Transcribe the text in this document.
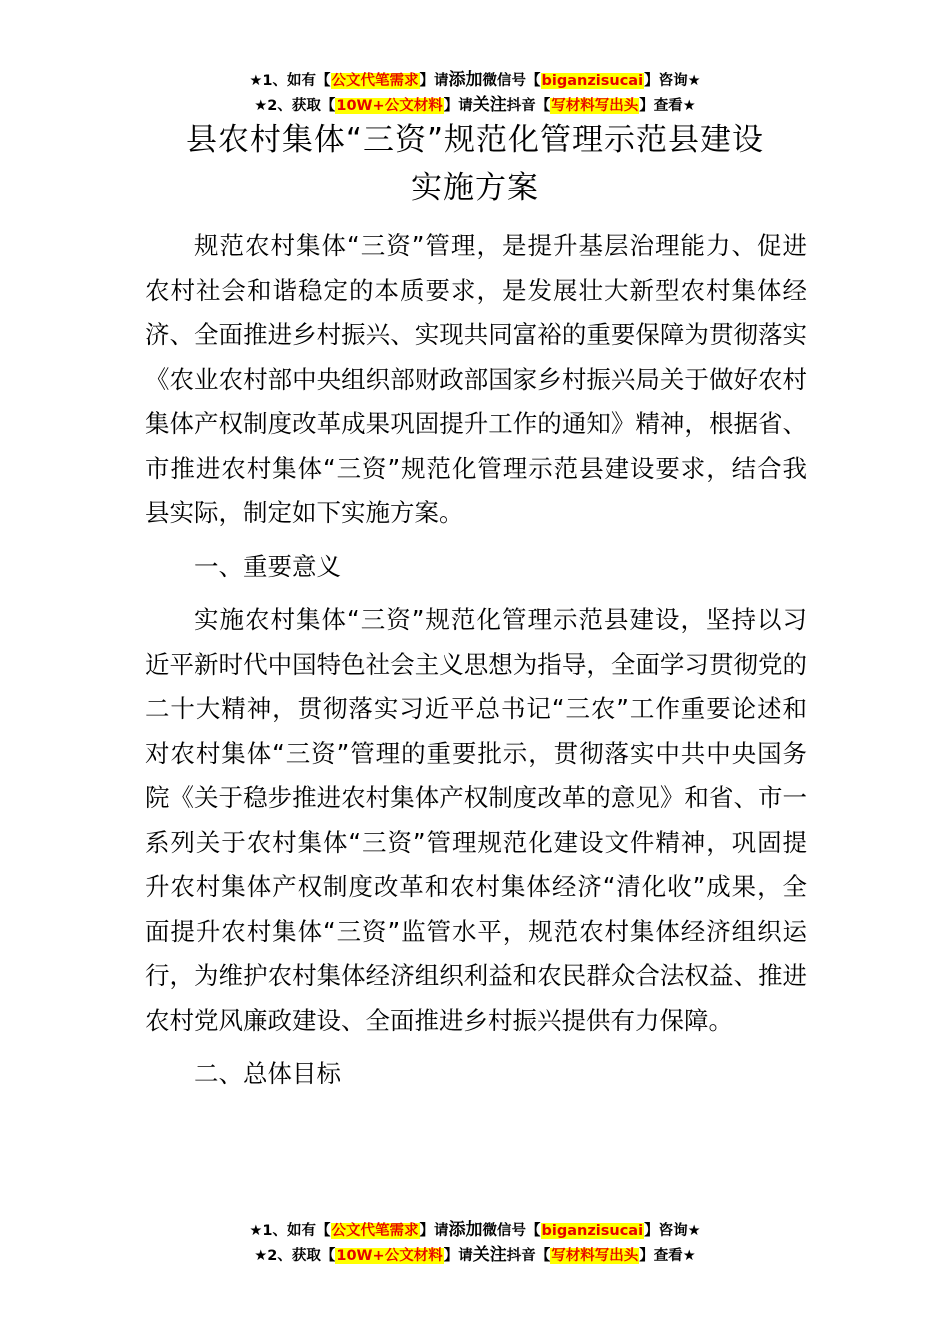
★1、如有【公文代笔需求】请添加微信号【biganzisucai】咨询★
★2、获取【10W+公文材料】请关注抖音【写材料写出头】查看★
县农村集体“三资”规范化管理示范县建设
实施方案

规范农村集体“三资”管理，是提升基层治理能力、促进农村社会和谐稳定的本质要求，是发展壮大新型农村集体经济、全面推进乡村振兴、实现共同富裕的重要保障为贯彻落实《农业农村部中央组织部财政部国家乡村振兴局关于做好农村集体产权制度改革成果巩固提升工作的通知》精神，根据省、市推进农村集体“三资”规范化管理示范县建设要求，结合我县实际，制定如下实施方案。

一、重要意义

实施农村集体“三资”规范化管理示范县建设，坚持以习近平新时代中国特色社会主义思想为指导，全面学习贯彻党的二十大精神，贯彻落实习近平总书记“三农”工作重要论述和对农村集体“三资”管理的重要批示，贯彻落实中共中央国务院《关于稳步推进农村集体产权制度改革的意见》和省、市一系列关于农村集体“三资”管理规范化建设文件精神，巩固提升农村集体产权制度改革和农村集体经济“清化收”成果，全面提升农村集体“三资”监管水平，规范农村集体经济组织运行，为维护农村集体经济组织利益和农民群众合法权益、推进农村党风廉政建设、全面推进乡村振兴提供有力保障。

二、总体目标

★1、如有【公文代笔需求】请添加微信号【biganzisucai】咨询★
★2、获取【10W+公文材料】请关注抖音【写材料写出头】查看★
